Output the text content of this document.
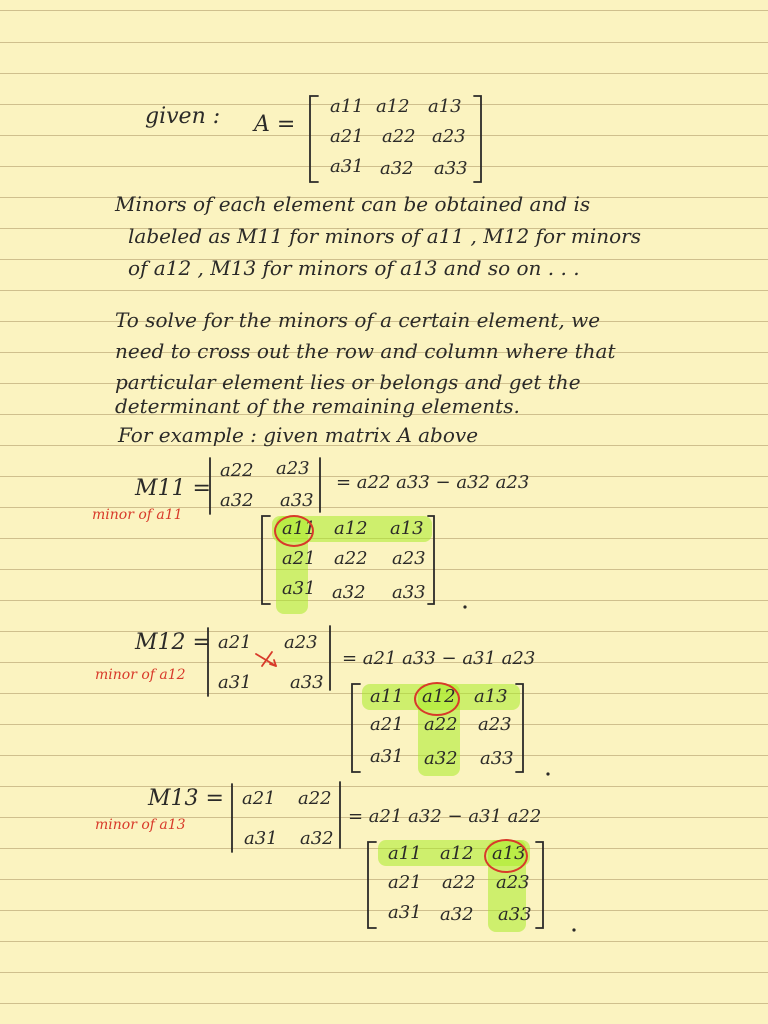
given : A =
a11 a12 a13
a21 a22 a23
a31 a32 a33
Minors of each element can be obtained and is
labeled as M11 for minors of a11 , M12 for minors
of a12 , M13 for minors of a13 and so on . . .
To solve for the minors of a certain element, we
need to cross out the row and column where that
particular element lies or belongs and get the
determinant of the remaining elements.
For example : given matrix A above
M11 =
minor of a11
a22 a23
a32 a33
= a22 a33 − a32 a23
a11 a12 a13
a21 a22 a23
a31 a32 a33
M12 =
minor of a12
a21 a23
a31 a33
= a21 a33 − a31 a23
a11 a12 a13
a21 a22 a23
a31 a32 a33
M13 =
minor of a13
a21 a22
a31 a32
= a21 a32 − a31 a22
a11 a12 a13
a21 a22 a23
a31 a32 a33
